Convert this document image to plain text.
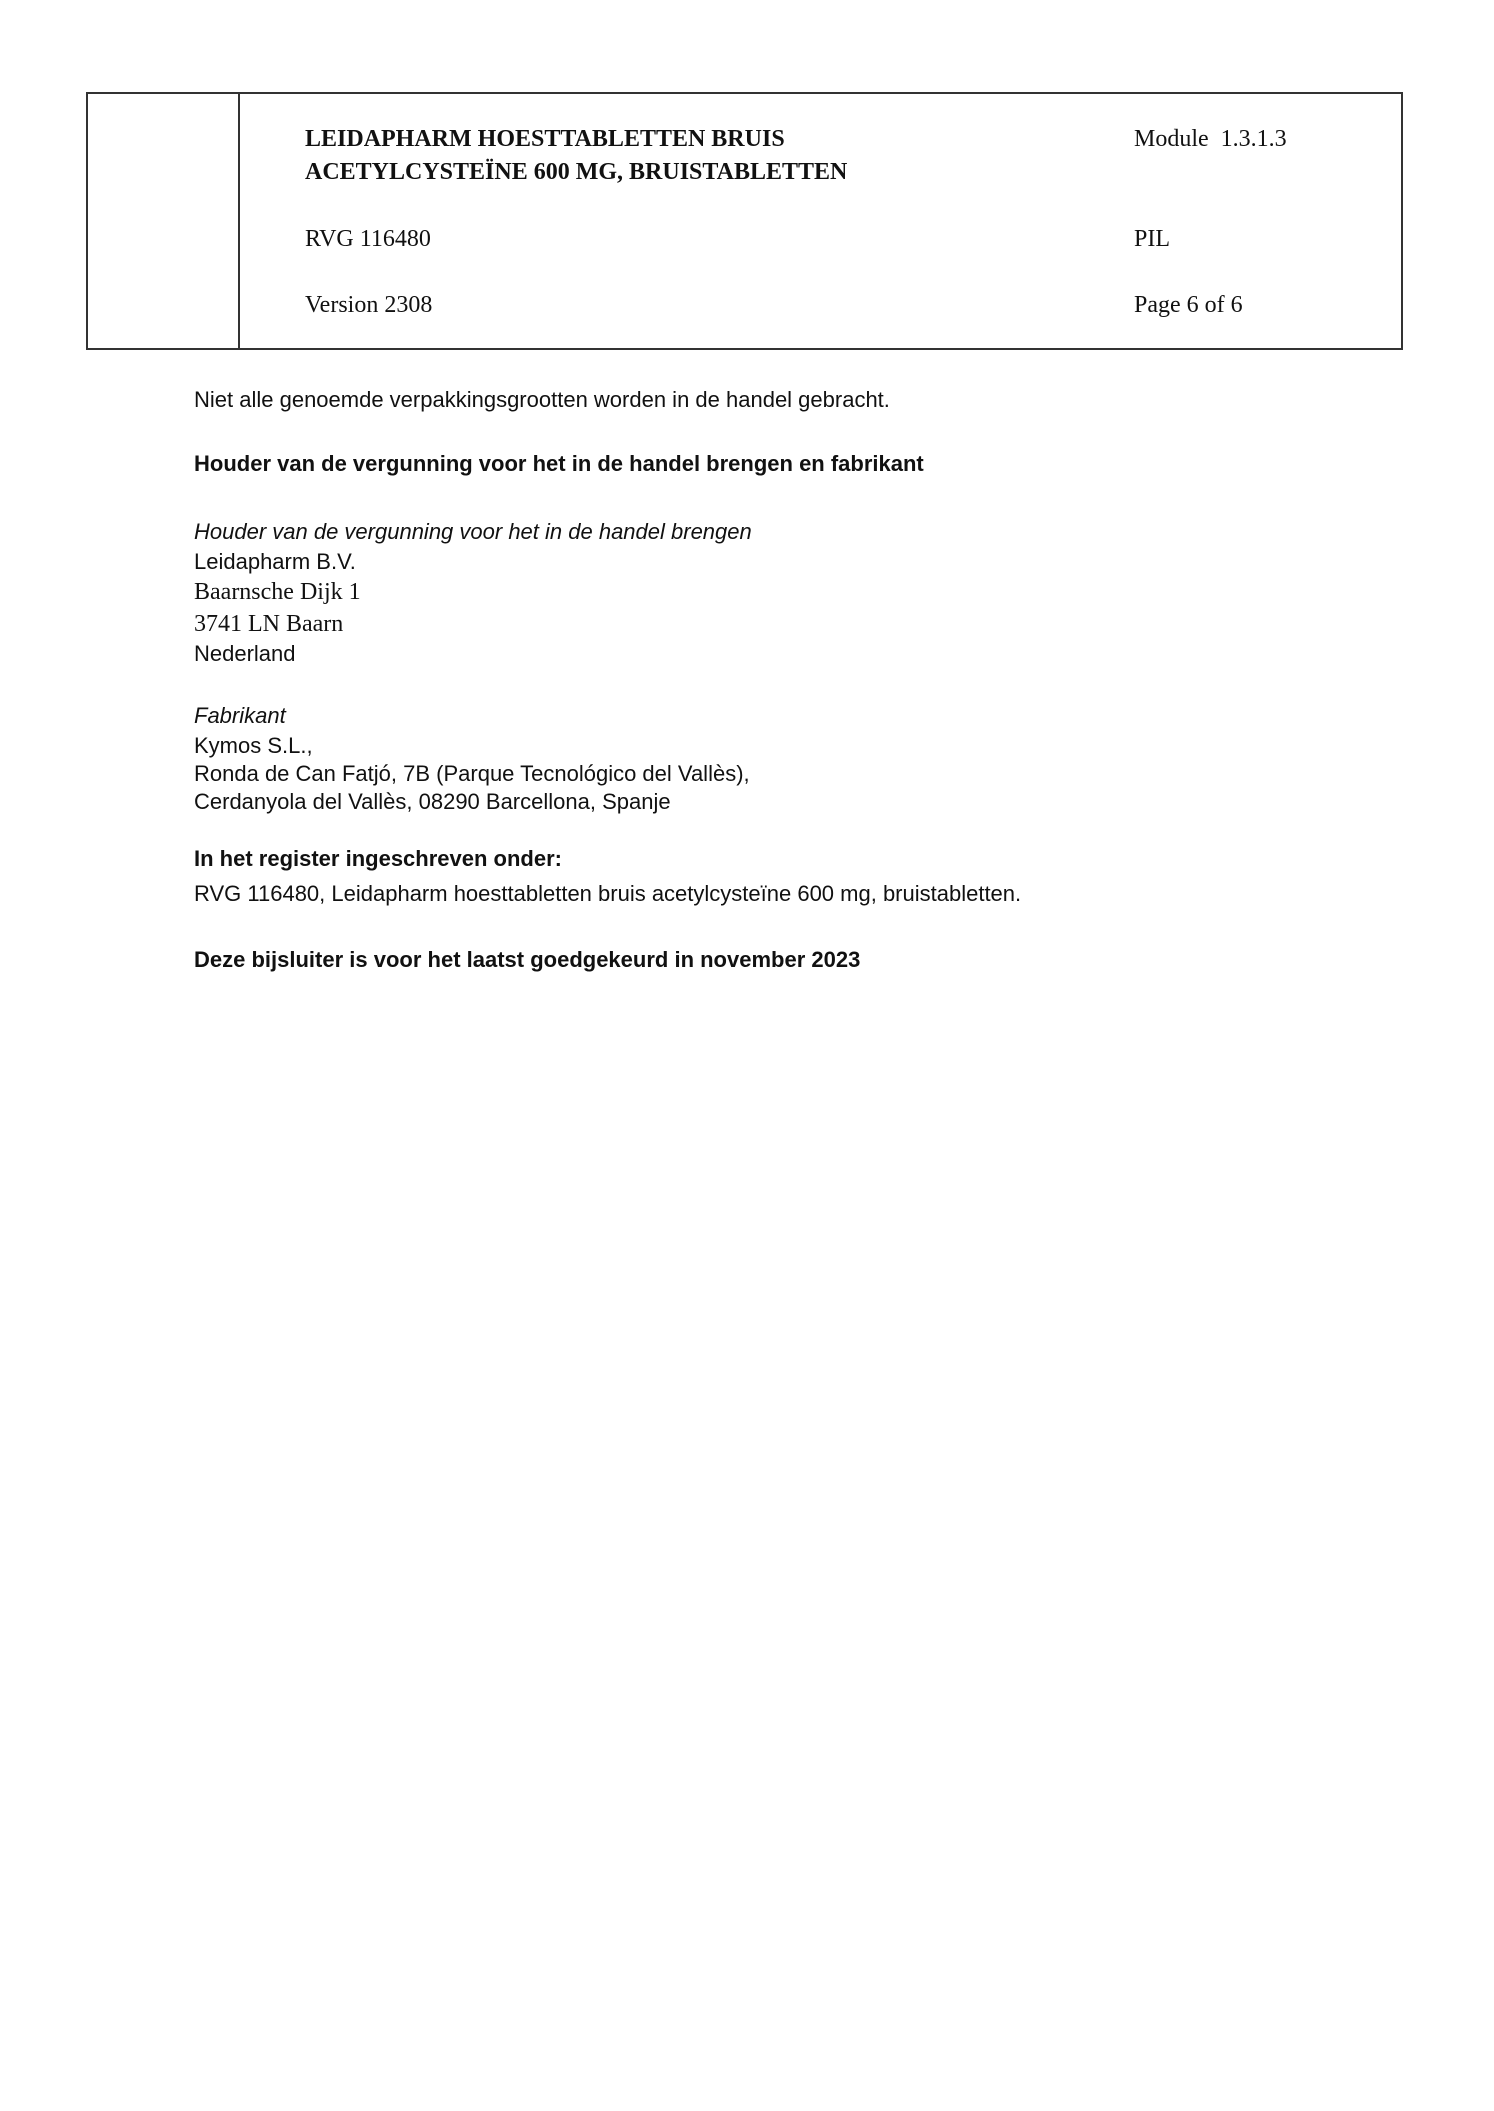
LEIDAPHARM HOESTTABLETTEN BRUIS
ACETYLCYSTEÏNE 600 MG, BRUISTABLETTEN
RVG 116480
Version 2308
Module  1.3.1.3
PIL
Page 6 of 6
Niet alle genoemde verpakkingsgrootten worden in de handel gebracht.
Houder van de vergunning voor het in de handel brengen en fabrikant
Houder van de vergunning voor het in de handel brengen
Leidapharm B.V.
Baarnsche Dijk 1
3741 LN Baarn
Nederland
Fabrikant
Kymos S.L.,
Ronda de Can Fatjó, 7B (Parque Tecnológico del Vallès),
Cerdanyola del Vallès, 08290 Barcellona, Spanje
In het register ingeschreven onder:
RVG 116480, Leidapharm hoesttabletten bruis acetylcysteïne 600 mg, bruistabletten.
Deze bijsluiter is voor het laatst goedgekeurd in november 2023
